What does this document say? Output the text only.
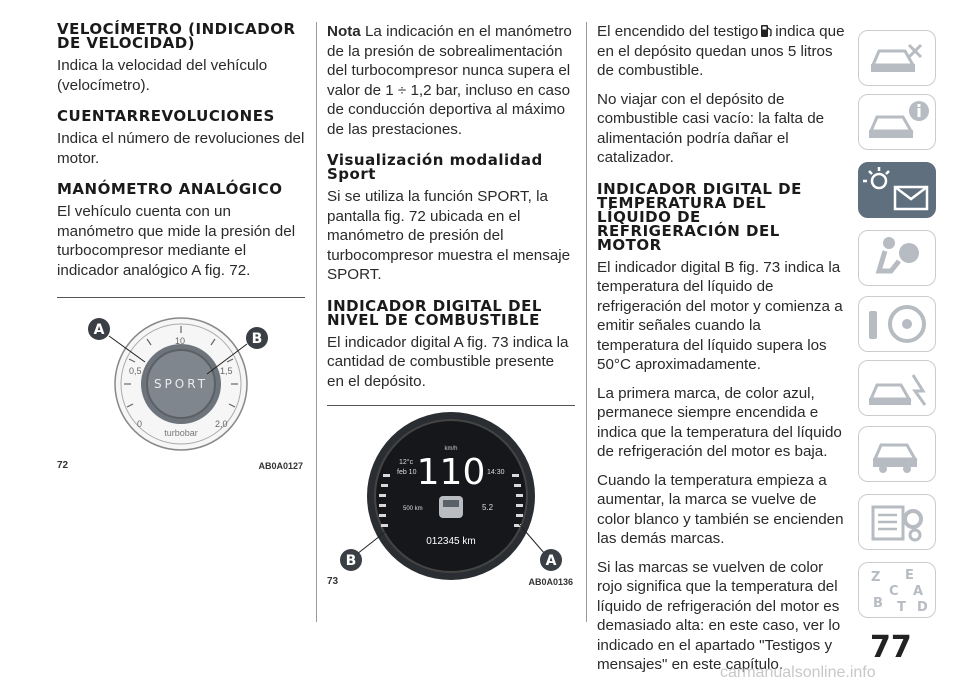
VELOCÍMETRO (INDICADOR DE VELOCIDAD)

Indica la velocidad del vehículo (velocímetro).

CUENTARREVOLUCIONES

Indica el número de revoluciones del motor.

MANÓMETRO ANALÓGICO

El vehículo cuenta con un manómetro que mide la presión del turbocompresor mediante el indicador analógico A fig. 72.

SPORT
0
0,5
10
1,5
2,0
turbobar
A
B
72	AB0A0127

Nota La indicación en el manómetro de la presión de sobrealimentación del turbocompresor nunca supera el valor de 1 ÷ 1,2 bar, incluso en caso de conducción deportiva al máximo de las prestaciones.

Visualización modalidad Sport

Si se utiliza la función SPORT, la pantalla fig. 72 ubicada en el manómetro de presión del turbocompresor muestra el mensaje SPORT.

INDICADOR DIGITAL DEL NIVEL DE COMBUSTIBLE

El indicador digital A fig. 73 indica la cantidad de combustible presente en el depósito.

km/h
110
12°c
feb 10	14:30
500 km	5.2
012345 km
B	A
73	AB0A0136

El encendido del testigo indica que en el depósito quedan unos 5 litros de combustible.

No viajar con el depósito de combustible casi vacío: la falta de alimentación podría dañar el catalizador.

INDICADOR DIGITAL DE TEMPERATURA DEL LÍQUIDO DE REFRIGERACIÓN DEL MOTOR

El indicador digital B fig. 73 indica la temperatura del líquido de refrigeración del motor y comienza a emitir señales cuando la temperatura del líquido supera los 50°C aproximadamente.

La primera marca, de color azul, permanece siempre encendida e indica que la temperatura del líquido de refrigeración del motor es baja.

Cuando la temperatura empieza a aumentar, la marca se vuelve de color blanco y también se encienden las demás marcas.

Si las marcas se vuelven de color rojo significa que la temperatura del líquido de refrigeración del motor es demasiado alta: en este caso, ver lo indicado en el apartado "Testigos y mensajes" en este capítulo.

Z E
C A
B T D
77
carmanualsonline.info
